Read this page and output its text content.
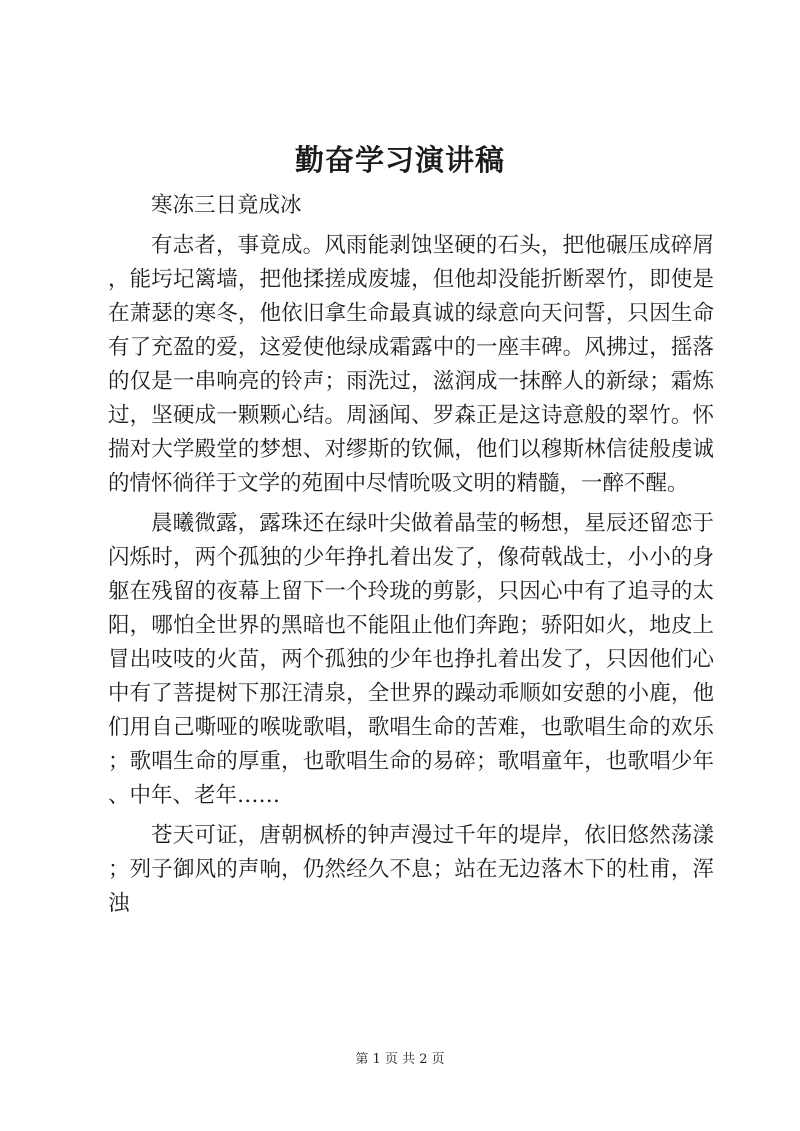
勤奋学习演讲稿

寒冻三日竟成冰

有志者，事竟成。风雨能剥蚀坚硬的石头，把他碾压成碎屑，能圬圮篱墙，把他揉搓成废墟，但他却没能折断翠竹，即使是在萧瑟的寒冬，他依旧拿生命最真诚的绿意向天问誓，只因生命有了充盈的爱，这爱使他绿成霜露中的一座丰碑。风拂过，摇落的仅是一串响亮的铃声；雨洗过，滋润成一抹醉人的新绿；霜炼过，坚硬成一颗颗心结。周涵闻、罗森正是这诗意般的翠竹。怀揣对大学殿堂的梦想、对缪斯的钦佩，他们以穆斯林信徒般虔诚的情怀徜徉于文学的苑囿中尽情吮吸文明的精髓，一醉不醒。

晨曦微露，露珠还在绿叶尖做着晶莹的畅想，星辰还留恋于闪烁时，两个孤独的少年挣扎着出发了，像荷戟战士，小小的身躯在残留的夜幕上留下一个玲珑的剪影，只因心中有了追寻的太阳，哪怕全世界的黑暗也不能阻止他们奔跑；骄阳如火，地皮上冒出吱吱的火苗，两个孤独的少年也挣扎着出发了，只因他们心中有了菩提树下那汪清泉，全世界的躁动乖顺如安憩的小鹿，他们用自己嘶哑的喉咙歌唱，歌唱生命的苦难，也歌唱生命的欢乐；歌唱生命的厚重，也歌唱生命的易碎；歌唱童年，也歌唱少年、中年、老年……

苍天可证，唐朝枫桥的钟声漫过千年的堤岸，依旧悠然荡漾；列子御风的声响，仍然经久不息；站在无边落木下的杜甫，浑浊

第 1 页 共 2 页
